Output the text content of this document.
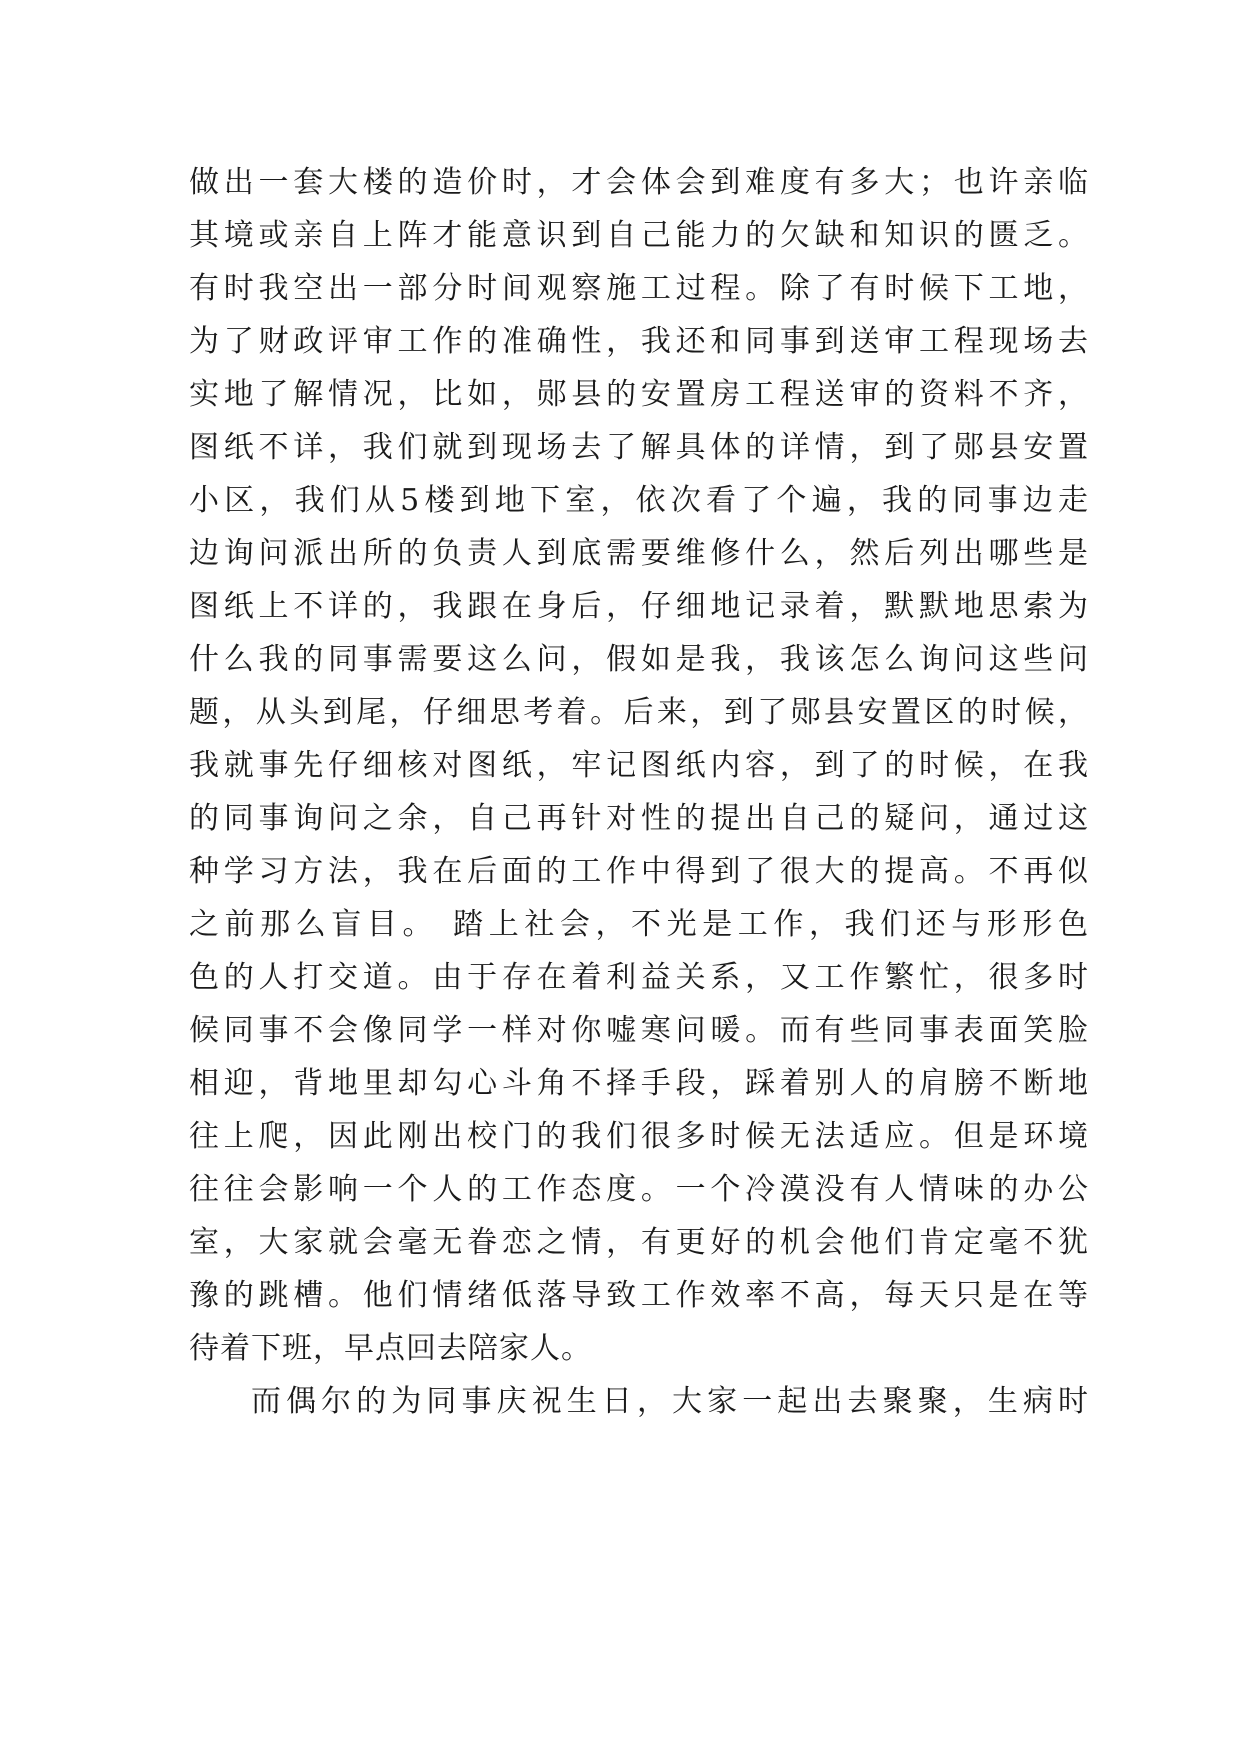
做出一套大楼的造价时，才会体会到难度有多大；也许亲临
其境或亲自上阵才能意识到自己能力的欠缺和知识的匮乏。
有时我空出一部分时间观察施工过程。除了有时候下工地，
为了财政评审工作的准确性，我还和同事到送审工程现场去
实地了解情况，比如，郧县的安置房工程送审的资料不齐，
图纸不详，我们就到现场去了解具体的详情，到了郧县安置
小区，我们从5楼到地下室，依次看了个遍，我的同事边走
边询问派出所的负责人到底需要维修什么，然后列出哪些是
图纸上不详的，我跟在身后，仔细地记录着，默默地思索为
什么我的同事需要这么问，假如是我，我该怎么询问这些问
题，从头到尾，仔细思考着。后来，到了郧县安置区的时候，
我就事先仔细核对图纸，牢记图纸内容，到了的时候，在我
的同事询问之余，自己再针对性的提出自己的疑问，通过这
种学习方法，我在后面的工作中得到了很大的提高。不再似
之前那么盲目。 踏上社会，不光是工作，我们还与形形色
色的人打交道。由于存在着利益关系，又工作繁忙，很多时
候同事不会像同学一样对你嘘寒问暖。而有些同事表面笑脸
相迎，背地里却勾心斗角不择手段，踩着别人的肩膀不断地
往上爬，因此刚出校门的我们很多时候无法适应。但是环境
往往会影响一个人的工作态度。一个冷漠没有人情味的办公
室，大家就会毫无眷恋之情，有更好的机会他们肯定毫不犹
豫的跳槽。他们情绪低落导致工作效率不高，每天只是在等
待着下班，早点回去陪家人。
而偶尔的为同事庆祝生日，大家一起出去聚聚，生病时
